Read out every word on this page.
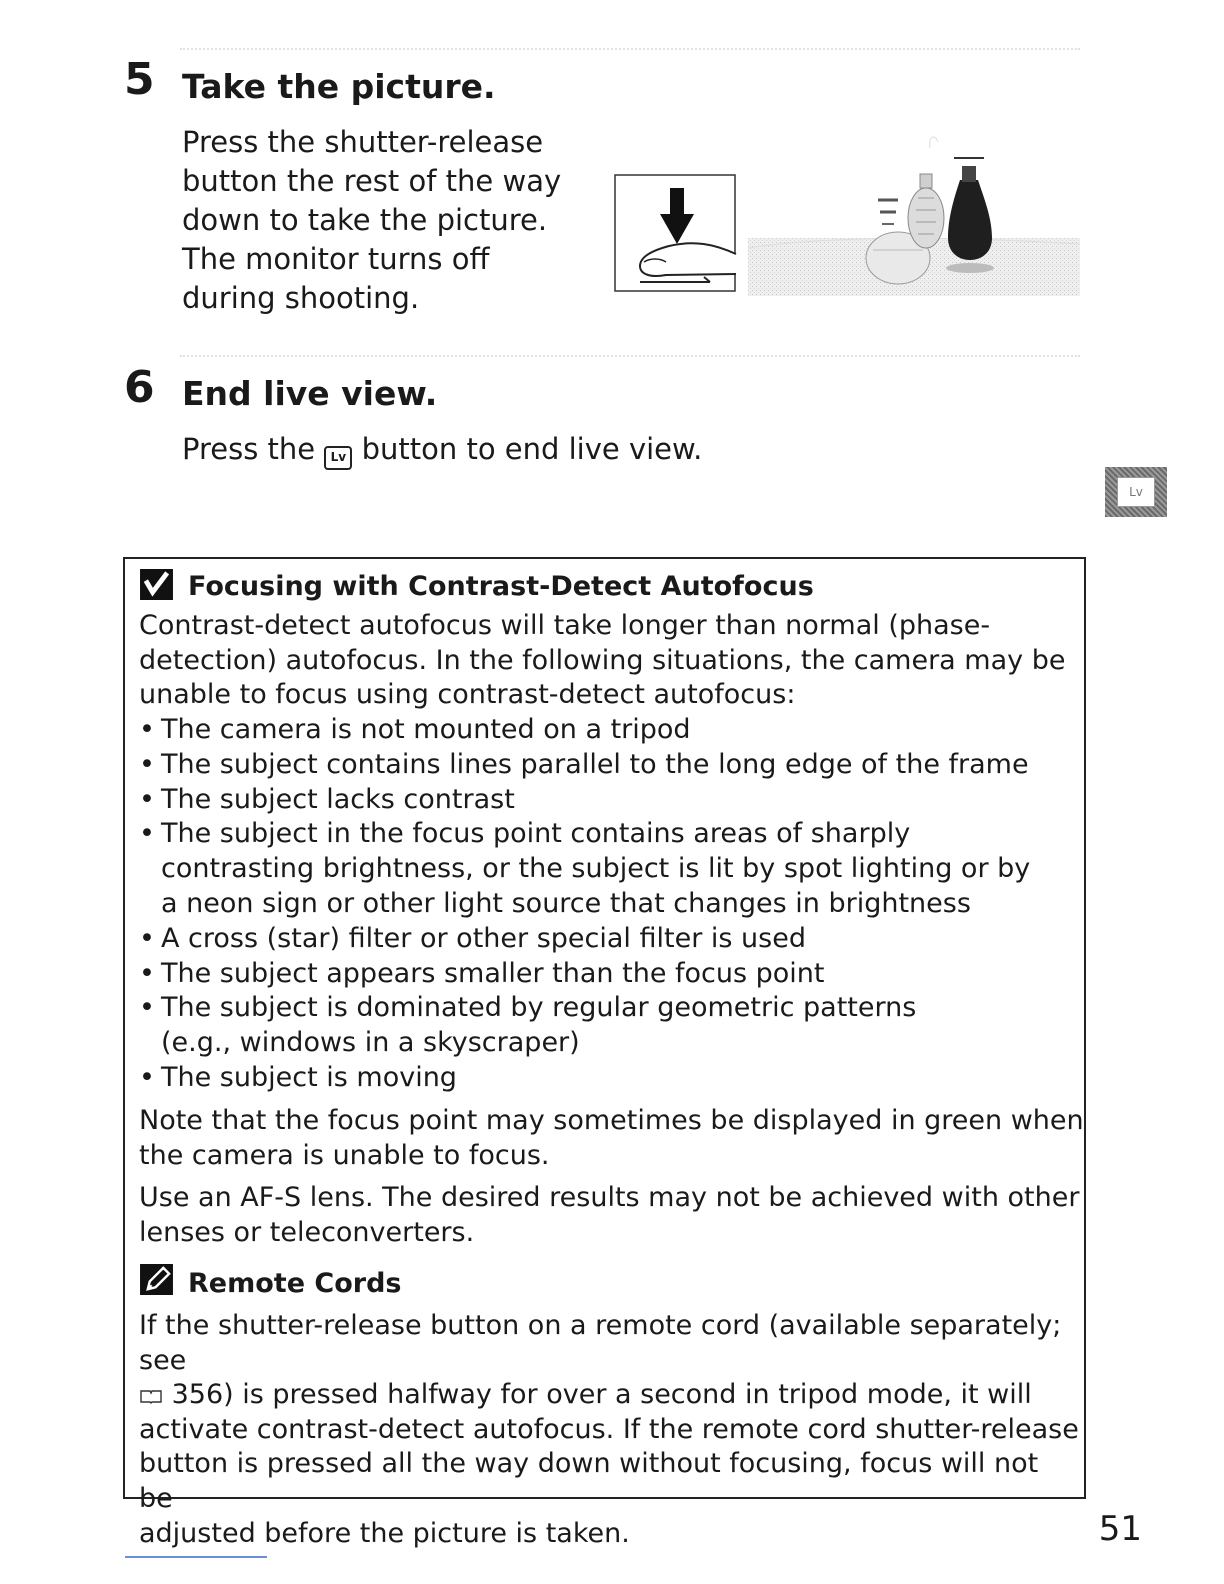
5 Take the picture.
Press the shutter-release
button the rest of the way
down to take the picture.
The monitor turns off
during shooting.
6 End live view.
Press the Lv button to end live view.
Lv
Focusing with Contrast-Detect Autofocus
Contrast-detect autofocus will take longer than normal (phase-
detection) autofocus. In the following situations, the camera may be
unable to focus using contrast-detect autofocus:
• The camera is not mounted on a tripod
• The subject contains lines parallel to the long edge of the frame
• The subject lacks contrast
• The subject in the focus point contains areas of sharply contrasting brightness, or the subject is lit by spot lighting or by a neon sign or other light source that changes in brightness
• A cross (star) filter or other special filter is used
• The subject appears smaller than the focus point
• The subject is dominated by regular geometric patterns (e.g., windows in a skyscraper)
• The subject is moving
Note that the focus point may sometimes be displayed in green when
the camera is unable to focus.
Use an AF-S lens. The desired results may not be achieved with other
lenses or teleconverters.
Remote Cords
If the shutter-release button on a remote cord (available separately; see
356) is pressed halfway for over a second in tripod mode, it will
activate contrast-detect autofocus. If the remote cord shutter-release
button is pressed all the way down without focusing, focus will not be
adjusted before the picture is taken.	51
